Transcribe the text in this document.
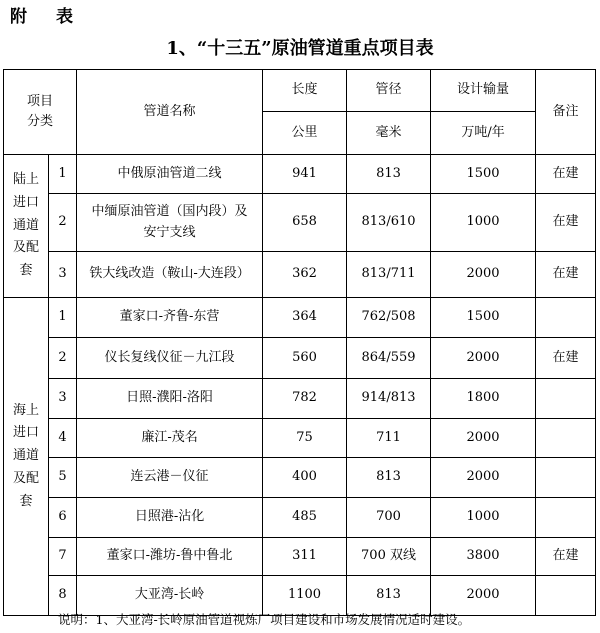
附　表
1、“十三五”原油管道重点项目表
项目
分类		管道名称	长度	管径	设计输量	备注
			公里	毫米	万吨/年	

陆上
进口
通道
及配
套	1	中俄原油管道二线	941	813	1500	在建
	2	中缅原油管道（国内段）及
安宁支线	658	813/610	1000	在建
	3	铁大线改造（鞍山-大连段）	362	813/711	2000	在建

海上
进口
通道
及配
套	1	董家口-齐鲁-东营	364	762/508	1500	
	2	仪长复线仪征－九江段	560	864/559	2000	在建
	3	日照-濮阳-洛阳	782	914/813	1800	
	4	廉江-茂名	75	711	2000	
	5	连云港－仪征	400	813	2000	
	6	日照港-沾化	485	700	1000	
	7	董家口-潍坊-鲁中鲁北	311	700 双线	3800	在建
	8	大亚湾-长岭	1100	813	2000	
说明：1、大亚湾-长岭原油管道视炼厂项目建设和市场发展情况适时建设。
